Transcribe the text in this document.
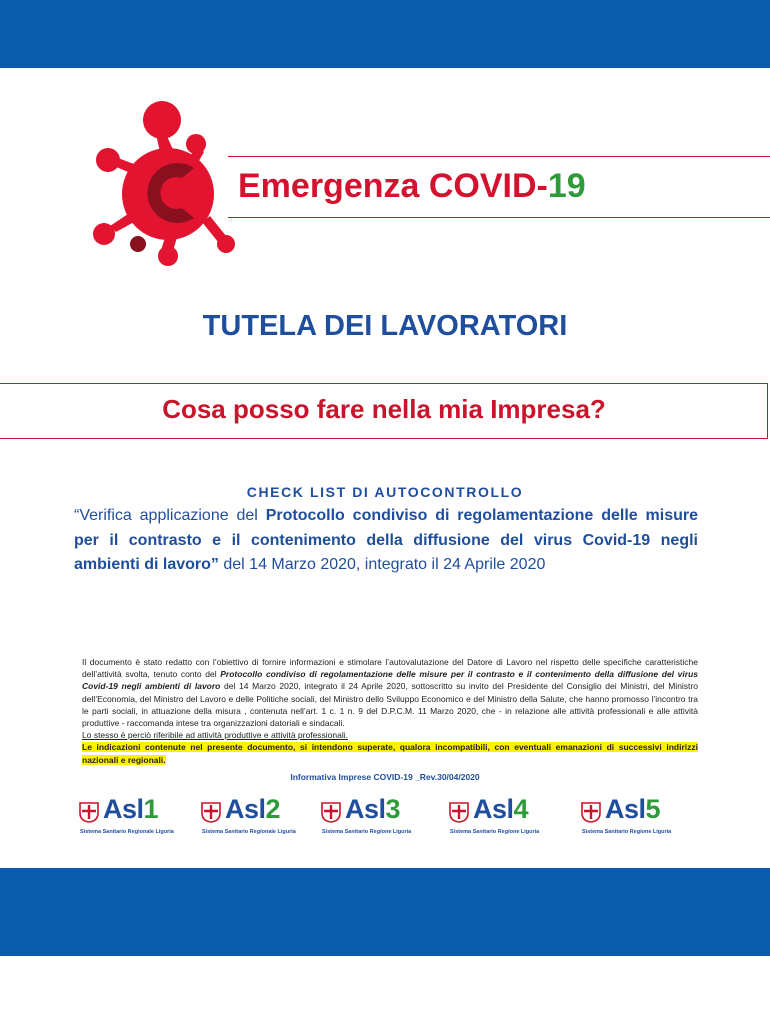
Emergenza COVID-19
TUTELA DEI LAVORATORI
Cosa posso fare nella mia Impresa?

CHECK LIST DI AUTOCONTROLLO

“Verifica applicazione del Protocollo condiviso di regolamentazione delle misure per il contrasto e il contenimento della diffusione del virus Covid-19 negli ambienti di lavoro” del 14 Marzo 2020, integrato il 24 Aprile 2020

Il documento è stato redatto con l’obiettivo di fornire informazioni e stimolare l’autovalutazione del Datore di Lavoro nel rispetto delle specifiche caratteristiche dell’attività svolta, tenuto conto del Protocollo condiviso di regolamentazione delle misure per il contrasto e il contenimento della diffusione del virus Covid-19 negli ambienti di lavoro del 14 Marzo 2020, integrato il 24 Aprile 2020, sottoscritto su invito del Presidente del Consiglio dei Ministri, del Ministro dell’Economia, del Ministro del Lavoro e delle Politiche sociali, del Ministro dello Sviluppo Economico e del Ministro della Salute, che hanno promosso l’incontro tra le parti sociali, in attuazione della misura , contenuta nell’art. 1 c. 1 n. 9 del D.P.C.M. 11 Marzo 2020, che - in relazione alle attività professionali e alle attività produttive - raccomanda intese tra organizzazioni datoriali e sindacali.

Lo stesso è perciò riferibile ad attività produttive e attività professionali.

Le indicazioni contenute nel presente documento, si intendono superate, qualora incompatibili, con eventuali emanazioni di successivi indirizzi nazionali e regionali.

Informativa Imprese COVID-19 _Rev.30/04/2020

Asl1
Sistema Sanitario Regionale Liguria
Asl2
Sistema Sanitario Regionale Liguria
Asl3
Sistema Sanitario Regione Liguria
Asl4
Sistema Sanitario Regione Liguria
Asl5
Sistema Sanitario Regione Liguria
